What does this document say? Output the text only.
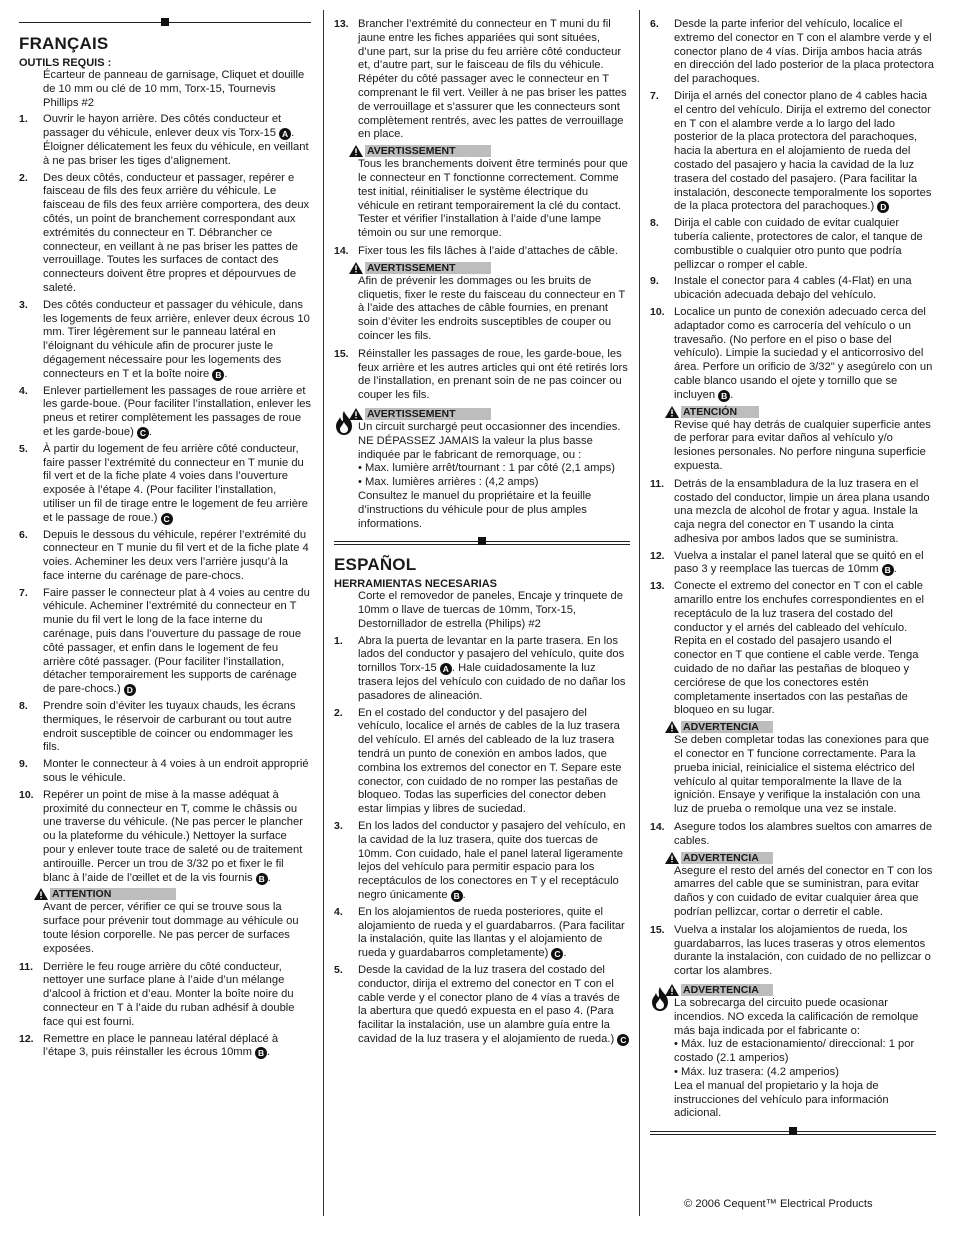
FRANÇAIS
OUTILS REQUIS :
Écarteur de panneau de garnisage, Cliquet et douille de 10 mm ou clé de 10 mm, Torx-15, Tournevis Phillips #2
1.	Ouvrir le hayon arrière. Des côtés conducteur et passager du véhicule, enlever deux vis Torx-15 A . Éloigner délicatement les feux du véhicule, en veillant à ne pas briser les tiges d’alignement.
2.	Des deux côtés, conducteur et passager, repérer e faisceau de fils des feux arrière du véhicule. Le faisceau de fils des feux arrière comportera, des deux côtés, un point de branchement correspondant aux extrémités du connecteur en T. Débrancher ce connecteur, en veillant à ne pas briser les pattes de verrouillage. Toutes les surfaces de contact des connecteurs doivent être propres et dépourvues de saleté.
3.	Des côtés conducteur et passager du véhicule, dans les logements de feux arrière, enlever deux écrous 10 mm. Tirer légèrement sur le panneau latéral en l’éloignant du véhicule afin de procurer juste le dégagement nécessaire pour les logements des connecteurs en T et la boîte noire B .
4.	Enlever partiellement les passages de roue arrière et les garde-boue. (Pour faciliter l’installation, enlever les pneus et retirer complètement les passages de roue et les garde-boue) C .
5.	À partir du logement de feu arrière côté conducteur, faire passer l’extrémité du connecteur en T munie du fil vert et de la fiche plate 4 voies dans l’ouverture exposée à l’étape 4. (Pour faciliter l’installation, utiliser un fil de tirage entre le logement de feu arrière et le passage de roue.) C
6.	Depuis le dessous du véhicule, repérer l’extrémité du connecteur en T munie du fil vert et de la fiche plate 4 voies. Acheminer les deux vers l’arrière jusqu’à la face interne du carénage de pare-chocs.
7.	Faire passer le connecteur plat à 4 voies au centre du véhicule. Acheminer l’extrémité du connecteur en T munie du fil vert le long de la face interne du carénage, puis dans l’ouverture du passage de roue côté passager, et enfin dans le logement de feu arrière côté passager. (Pour faciliter l’installation, détacher temporairement les supports de carénage de pare-chocs.) D
8.	Prendre soin d’éviter les tuyaux chauds, les écrans thermiques, le réservoir de carburant ou tout autre endroit susceptible de coincer ou endommager les fils.
9.	Monter le connecteur à 4 voies à un endroit approprié sous le véhicule.
10. Repérer un point de mise à la masse adéquat à proximité du connecteur en T, comme le châssis ou une traverse du véhicule. (Ne pas percer le plancher ou la plateforme du véhicule.) Nettoyer la surface pour y enlever toute trace de saleté ou de traitement antirouille. Percer un trou de 3/32 po et fixer le fil blanc à l’aide de l’œillet et de la vis fournis B .
ATTENTION
Avant de percer, vérifier ce qui se trouve sous la surface pour prévenir tout dommage au véhicule ou toute lésion corporelle. Ne pas percer de surfaces exposées.
11. Derrière le feu rouge arrière du côté conducteur, nettoyer une surface plane à l’aide d’un mélange d’alcool à friction et d’eau. Monter la boîte noire du connecteur en T à l’aide du ruban adhésif à double face qui est fourni.
12. Remettre en place le panneau latéral déplacé à l’étape 3, puis réinstaller les écrous 10mm B .
13. Brancher l’extrémité du connecteur en T muni du fil jaune entre les fiches appariées qui sont situées, d’une part, sur la prise du feu arrière côté conducteur et, d’autre part, sur le faisceau de fils du véhicule. Répéter du côté passager avec le connecteur en T comprenant le fil vert. Veiller à ne pas briser les pattes de verrouillage et s’assurer que les connecteurs sont complètement rentrés, avec les pattes de verrouillage en place.
AVERTISSEMENT
Tous les branchements doivent être terminés pour que le connecteur en T fonctionne correctement. Comme test initial, réinitialiser le système électrique du véhicule en retirant temporairement la clé du contact. Tester et vérifier l’installation à l’aide d’une lampe témoin ou sur une remorque.
14. Fixer tous les fils lâches à l’aide d’attaches de câble.
AVERTISSEMENT
Afin de prévenir les dommages ou les bruits de cliquetis, fixer le reste du faisceau du connecteur en T à l’aide des attaches de câble fournies, en prenant soin d’éviter les endroits susceptibles de couper ou coincer les fils.
15. Réinstaller les passages de roue, les garde-boue, les feux arrière et les autres articles qui ont été retirés lors de l’installation, en prenant soin de ne pas coincer ou couper les fils.
AVERTISSEMENT
Un circuit surchargé peut occasionner des incendies. NE DÉPASSEZ JAMAIS la valeur la plus basse indiquée par le fabricant de remorquage, ou :
• Max. lumière arrêt/tournant : 1 par côté (2,1 amps)
• Max. lumières arrières : (4,2 amps)
Consultez le manuel du propriétaire et la feuille d’instructions du véhicule pour de plus amples informations.
ESPAÑOL
HERRAMIENTAS NECESARIAS
Corte el removedor de paneles, Encaje y trinquete de 10mm o llave de tuercas de 10mm, Torx-15, Destornillador de estrella (Philips) #2
1.	Abra la puerta de levantar en la parte trasera. En los lados del conductor y pasajero del vehículo, quite dos tornillos Torx-15 A . Hale cuidadosamente la luz trasera lejos del vehículo con cuidado de no dañar los pasadores de alineación.
2.	En el costado del conductor y del pasajero del vehículo, localice el arnés de cables de la luz trasera del vehículo. El arnés del cableado de la luz trasera tendrá un punto de conexión en ambos lados, que combina los extremos del conector en T. Separe este conector, con cuidado de no romper las pestañas de bloqueo. Todas las superficies del conector deben estar limpias y libres de suciedad.
3.	En los lados del conductor y pasajero del vehículo, en la cavidad de la luz trasera, quite dos tuercas de 10mm. Con cuidado, hale el panel lateral ligeramente lejos del vehículo para permitir espacio para los receptáculos de los conectores en T y el receptáculo negro únicamente B .
4.	En los alojamientos de rueda posteriores, quite el alojamiento de rueda y el guardabarros. (Para facilitar la instalación, quite las llantas y el alojamiento de rueda y guardabarros completamente) C .
5.	Desde la cavidad de la luz trasera del costado del conductor, dirija el extremo del conector en T con el cable verde y el conector plano de 4 vías a través de la abertura que quedó expuesta en el paso 4. (Para facilitar la instalación, use un alambre guía entre la cavidad de la luz trasera y el alojamiento de rueda.) C
6.	Desde la parte inferior del vehículo, localice el extremo del conector en T con el alambre verde y el conector plano de 4 vías. Dirija ambos hacia atrás en dirección del lado posterior de la placa protectora del parachoques.
7.	Dirija el arnés del conector plano de 4 cables hacia el centro del vehículo. Dirija el extremo del conector en T con el alambre verde a lo largo del lado posterior de la placa protectora del parachoques, hacia la abertura en el alojamiento de rueda del costado del pasajero y hacia la cavidad de la luz trasera del costado del pasajero. (Para facilitar la instalación, desconecte temporalmente los soportes de la placa protectora del parachoques.) D
8.	Dirija el cable con cuidado de evitar cualquier tubería caliente, protectores de calor, el tanque de combustible o cualquier otro punto que podría pellizcar o romper el cable.
9.	Instale el conector para 4 cables (4-Flat) en una ubicación adecuada debajo del vehículo.
10. Localice un punto de conexión adecuado cerca del adaptador como es carrocería del vehículo o un travesaño. (No perfore en el piso o base del vehículo). Limpie la suciedad y el anticorrosivo del área. Perfore un orificio de 3/32" y asegúrelo con un cable blanco usando el ojete y tornillo que se incluyen B .
ATENCIÓN
Revise qué hay detrás de cualquier superficie antes de perforar para evitar daños al vehículo y/o lesiones personales. No perfore ninguna superficie expuesta.
11. Detrás de la ensambladura de la luz trasera en el costado del conductor, limpie un área plana usando una mezcla de alcohol de frotar y agua. Instale la caja negra del conector en T usando la cinta adhesiva por ambos lados que se suministra.
12. Vuelva a instalar el panel lateral que se quitó en el paso 3 y reemplace las tuercas de 10mm B .
13. Conecte el extremo del conector en T con el cable amarillo entre los enchufes correspondientes en el receptáculo de la luz trasera del costado del conductor y el arnés del cableado del vehículo. Repita en el costado del pasajero usando el conector en T que contiene el cable verde. Tenga cuidado de no dañar las pestañas de bloqueo y cerciórese de que los conectores estén completamente insertados con las pestañas de bloqueo en su lugar.
ADVERTENCIA
Se deben completar todas las conexiones para que el conector en T funcione correctamente. Para la prueba inicial, reinicialice el sistema eléctrico del vehículo al quitar temporalmente la llave de la ignición. Ensaye y verifique la instalación con una luz de prueba o remolque una vez se instale.
14. Asegure todos los alambres sueltos con amarres de cables.
ADVERTENCIA
Asegure el resto del arnés del conector en T con los amarres del cable que se suministran, para evitar daños y con cuidado de evitar cualquier área que podrían pellizcar, cortar o derretir el cable.
15. Vuelva a instalar los alojamientos de rueda, los guardabarros, las luces traseras y otros elementos durante la instalación, con cuidado de no pellizcar o cortar los alambres.
ADVERTENCIA
La sobrecarga del circuito puede ocasionar incendios. NO exceda la calificación de remolque más baja indicada por el fabricante o:
• Máx. luz de estacionamiento/ direccional: 1 por costado (2.1 amperios)
• Máx. luz trasera: (4.2 amperios)
Lea el manual del propietario y la hoja de instrucciones del vehículo para información adicional.
© 2006 Cequent™ Electrical Products
